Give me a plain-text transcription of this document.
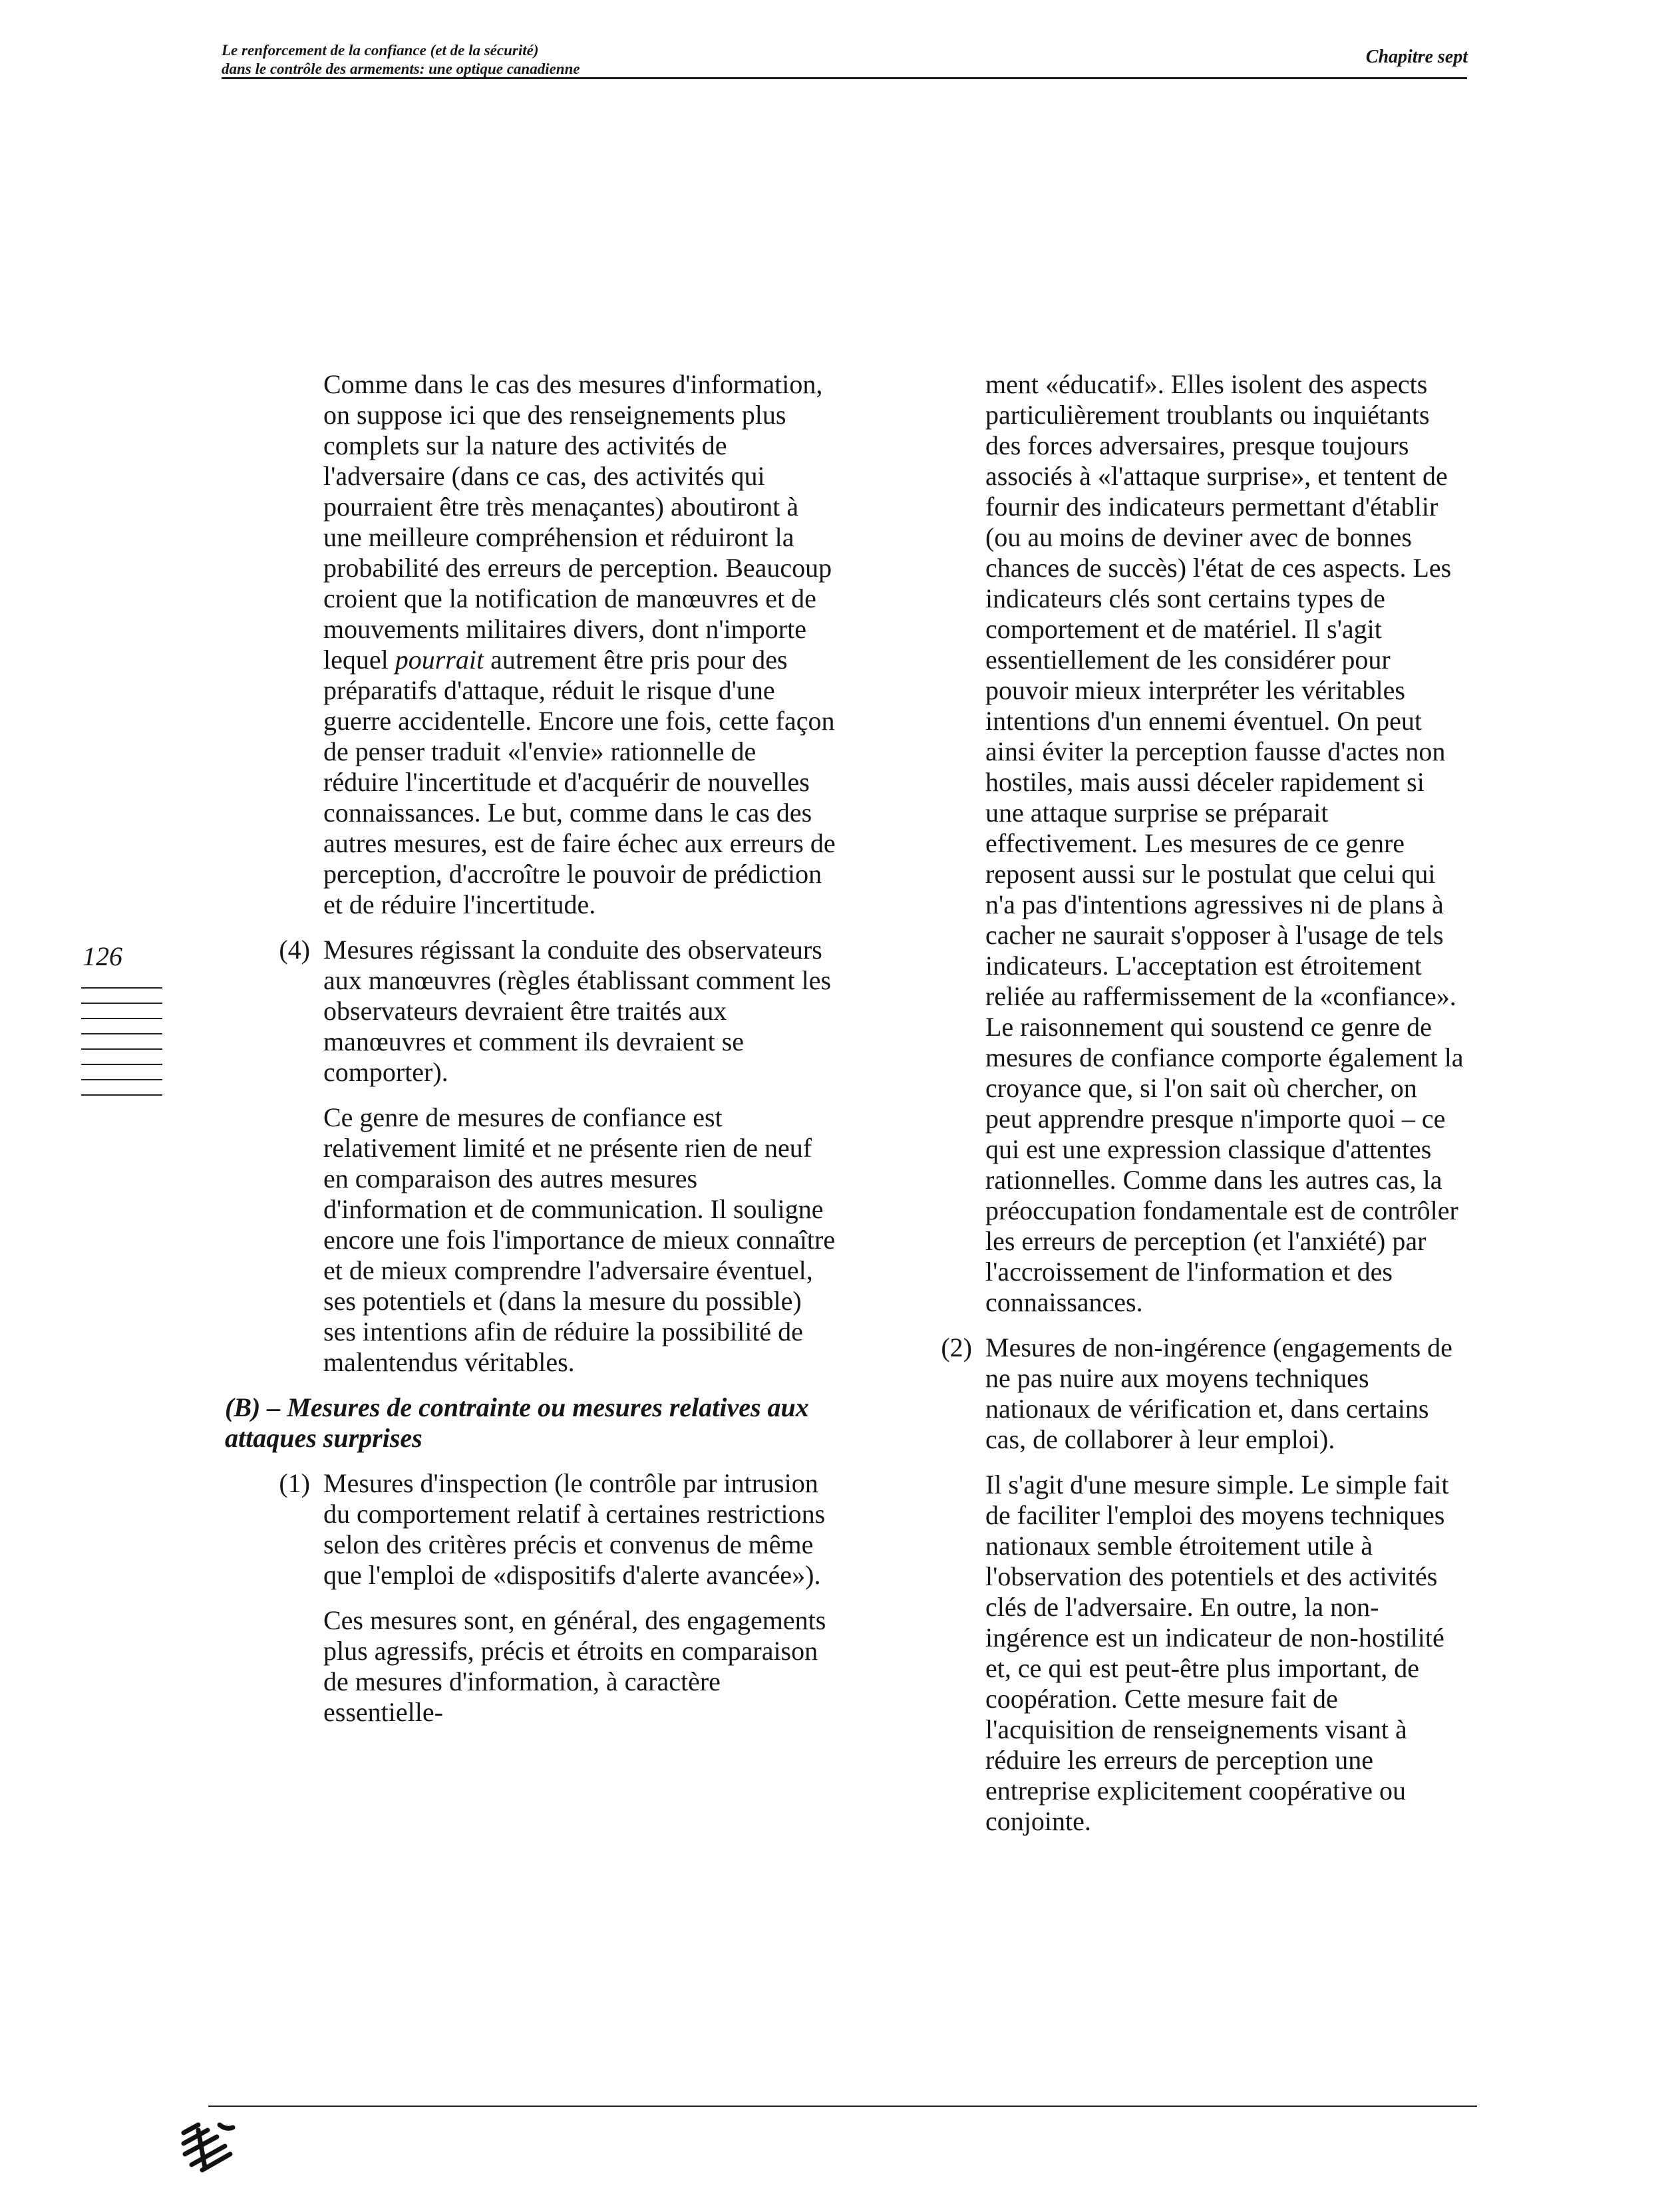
Le renforcement de la confiance (et de la sécurité)
dans le contrôle des armements: une optique canadienne
Chapitre sept
126

Comme dans le cas des mesures d'information, on suppose ici que des renseignements plus complets sur la nature des activités de l'adversaire (dans ce cas, des activités qui pourraient être très menaçantes) aboutiront à une meilleure compréhension et réduiront la probabilité des erreurs de perception. Beaucoup croient que la notification de manœuvres et de mouvements militaires divers, dont n'importe lequel pourrait autrement être pris pour des préparatifs d'attaque, réduit le risque d'une guerre accidentelle. Encore une fois, cette façon de penser traduit «l'envie» rationnelle de réduire l'incertitude et d'acquérir de nouvelles connaissances. Le but, comme dans le cas des autres mesures, est de faire échec aux erreurs de perception, d'accroître le pouvoir de prédiction et de réduire l'incertitude.

(4) Mesures régissant la conduite des observateurs aux manœuvres (règles établissant comment les observateurs devraient être traités aux manœuvres et comment ils devraient se comporter).

Ce genre de mesures de confiance est relativement limité et ne présente rien de neuf en comparaison des autres mesures d'information et de communication. Il souligne encore une fois l'importance de mieux connaître et de mieux comprendre l'adversaire éventuel, ses potentiels et (dans la mesure du possible) ses intentions afin de réduire la possibilité de malentendus véritables.

(B) – Mesures de contrainte ou mesures relatives aux attaques surprises
(1) Mesures d'inspection (le contrôle par intrusion du comportement relatif à certaines restrictions selon des critères précis et convenus de même que l'emploi de «dispositifs d'alerte avancée»).

Ces mesures sont, en général, des engagements plus agressifs, précis et étroits en comparaison de mesures d'information, à caractère essentielle-

ment «éducatif». Elles isolent des aspects particulièrement troublants ou inquiétants des forces adversaires, presque toujours associés à «l'attaque surprise», et tentent de fournir des indicateurs permettant d'établir (ou au moins de deviner avec de bonnes chances de succès) l'état de ces aspects. Les indicateurs clés sont certains types de comportement et de matériel. Il s'agit essentiellement de les considérer pour pouvoir mieux interpréter les véritables intentions d'un ennemi éventuel. On peut ainsi éviter la perception fausse d'actes non hostiles, mais aussi déceler rapidement si une attaque surprise se préparait effectivement. Les mesures de ce genre reposent aussi sur le postulat que celui qui n'a pas d'intentions agressives ni de plans à cacher ne saurait s'opposer à l'usage de tels indicateurs. L'acceptation est étroitement reliée au raffermissement de la «confiance». Le raisonnement qui soustend ce genre de mesures de confiance comporte également la croyance que, si l'on sait où chercher, on peut apprendre presque n'importe quoi – ce qui est une expression classique d'attentes rationnelles. Comme dans les autres cas, la préoccupation fondamentale est de contrôler les erreurs de perception (et l'anxiété) par l'accroissement de l'information et des connaissances.

(2) Mesures de non-ingérence (engagements de ne pas nuire aux moyens techniques nationaux de vérification et, dans certains cas, de collaborer à leur emploi).

Il s'agit d'une mesure simple. Le simple fait de faciliter l'emploi des moyens techniques nationaux semble étroitement utile à l'observation des potentiels et des activités clés de l'adversaire. En outre, la non-ingérence est un indicateur de non-hostilité et, ce qui est peut-être plus important, de coopération. Cette mesure fait de l'acquisition de renseignements visant à réduire les erreurs de perception une entreprise explicitement coopérative ou conjointe.
